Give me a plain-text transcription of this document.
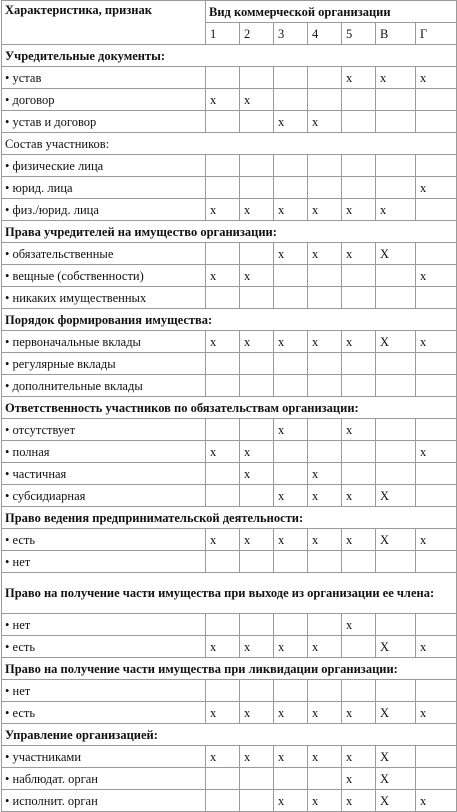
Характеристика, признак	Вид коммерческой организации						
	1	2	3	4	5	В	Г
Учредительные документы:							
• устав					x	x	x
• договор	x	x					
• устав и договор			x	x			
Состав участников:							
• физические лица							
• юрид. лица							x
• физ./юрид. лица	x	x	x	x	x	x	
Права учредителей на имущество организации:							
• обязательственные			x	x	x	X	
• вещные (собственности)	x	x					x
• никаких имущественных							
Порядок формирования имущества:							
• первоначальные вклады	x	x	x	x	x	X	x
• регулярные вклады							
• дополнительные вклады							
Ответственность участников по обязательствам организации:							
• отсутствует			x		x		
• полная	x	x					x
• частичная		x		x			
• субсидиарная			x	x	x	X	
Право ведения предпринимательской деятельности:							
• есть	x	x	x	x	x	X	x
• нет							
Право на получение части имущества при выходе из организации ее члена:							
• нет					x		
• есть	x	x	x	x		X	x
Право на получение части имущества при ликвидации организации:							
• нет							
• есть	x	x	x	x	x	X	x
Управление организацией:							
• участниками	x	x	x	x	x	X	
• наблюдат. орган					x	X	
• исполнит. орган			x	x	x	X	x
